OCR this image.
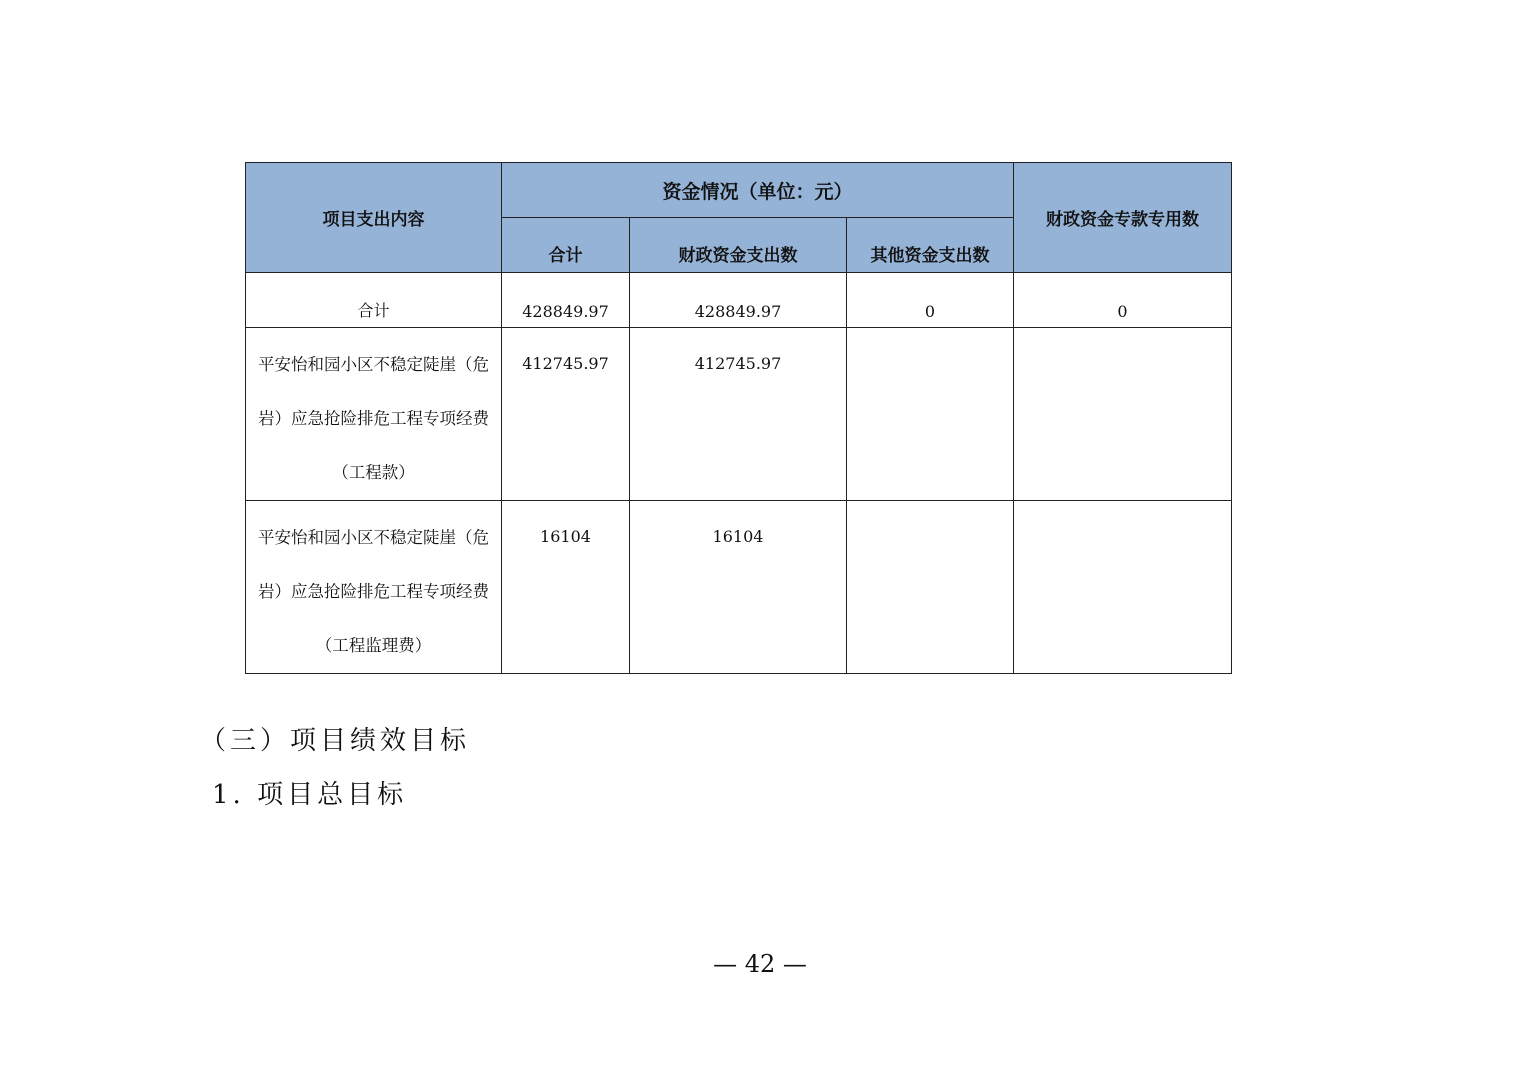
项目支出内容	资金情况（单位：元）			财政资金专款专用数
	合计	财政资金支出数	其他资金支出数	
合计	428849.97	428849.97	0	0

平安怡和园小区不稳定陡崖（危
岩）应急抢险排危工程专项经费
（工程款）	412745.97	412745.97		

平安怡和园小区不稳定陡崖（危
岩）应急抢险排危工程专项经费
（工程监理费）	16104	16104		
（三）项目绩效目标
1. 项目总目标
— 42 —
